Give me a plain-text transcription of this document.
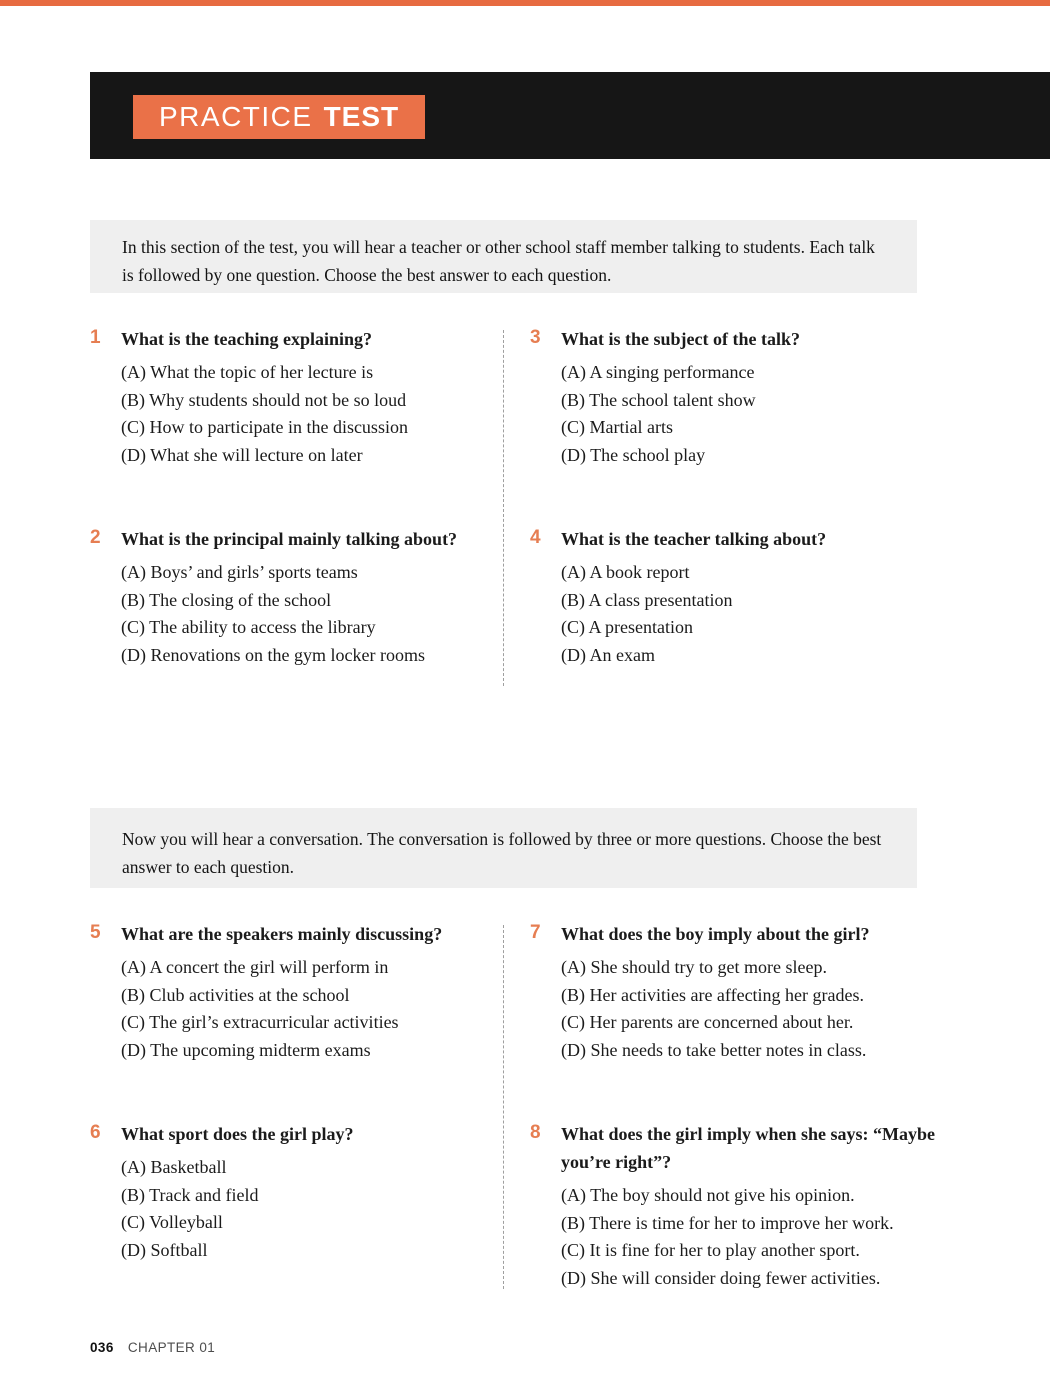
PRACTICE TEST
In this section of the test, you will hear a teacher or other school staff member talking to students. Each talk is followed by one question. Choose the best answer to each question.
1	What is the teaching explaining?
(A) What the topic of her lecture is
(B) Why students should not be so loud
(C) How to participate in the discussion
(D) What she will lecture on later
2	What is the principal mainly talking about?
(A) Boys’ and girls’ sports teams
(B) The closing of the school
(C) The ability to access the library
(D) Renovations on the gym locker rooms
3	What is the subject of the talk?
(A) A singing performance
(B) The school talent show
(C) Martial arts
(D) The school play
4	What is the teacher talking about?
(A) A book report
(B) A class presentation
(C) A presentation
(D) An exam
Now you will hear a conversation. The conversation is followed by three or more questions. Choose the best answer to each question.
5	What are the speakers mainly discussing?
(A) A concert the girl will perform in
(B) Club activities at the school
(C) The girl’s extracurricular activities
(D) The upcoming midterm exams
6	What sport does the girl play?
(A) Basketball
(B) Track and field
(C) Volleyball
(D) Softball
7	What does the boy imply about the girl?
(A) She should try to get more sleep.
(B) Her activities are affecting her grades.
(C) Her parents are concerned about her.
(D) She needs to take better notes in class.
8	What does the girl imply when she says: “Maybe you’re right”?
(A) The boy should not give his opinion.
(B) There is time for her to improve her work.
(C) It is fine for her to play another sport.
(D) She will consider doing fewer activities.
036 CHAPTER 01
